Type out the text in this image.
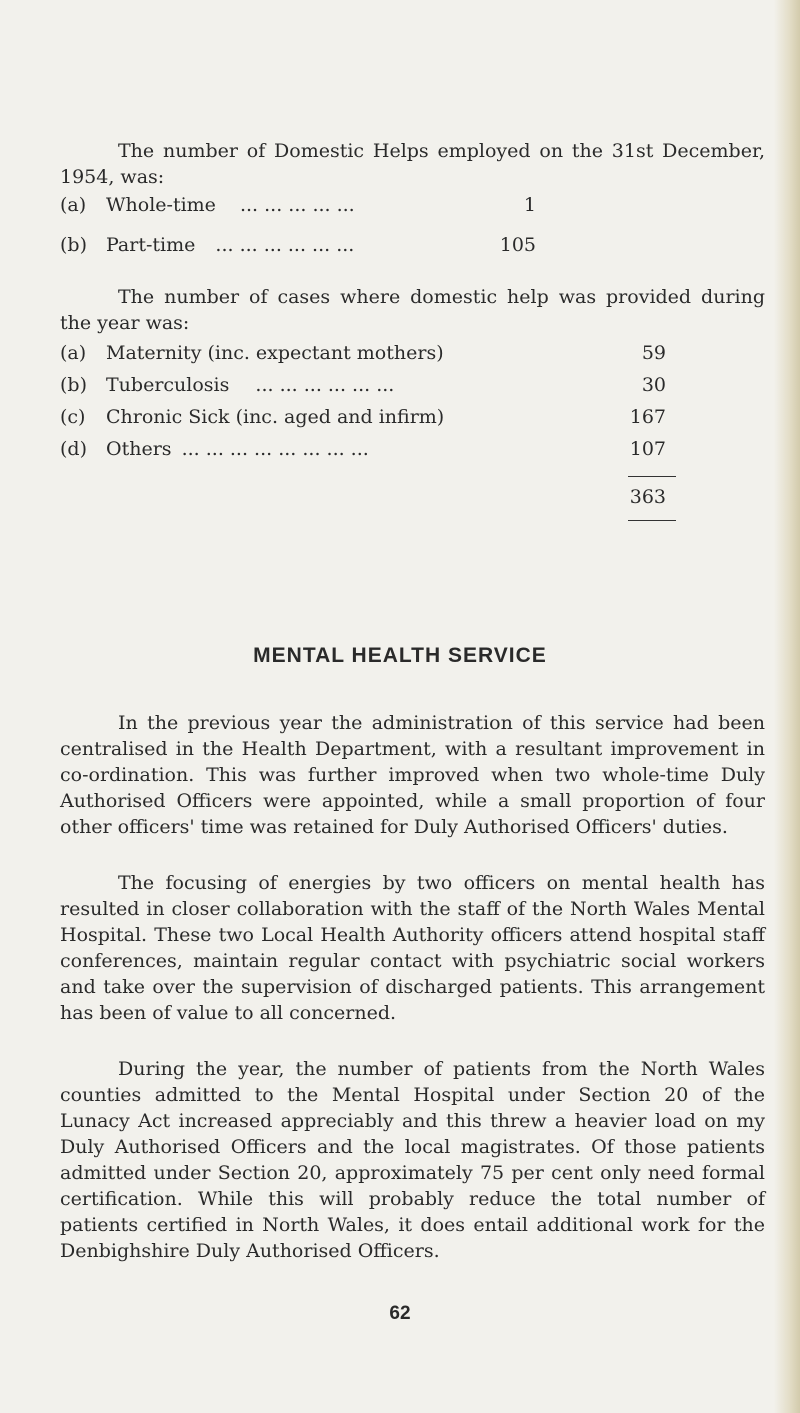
The number of Domestic Helps employed on the 31st December, 1954, was:
(a)	Whole-time ... ... ... ... ...	1
(b)	Part-time ... ... ... ... ... ...	105
The number of cases where domestic help was provided during the year was:
(a)	Maternity (inc. expectant mothers)	59
(b)	Tuberculosis ... ... ... ... ... ...	30
(c)	Chronic Sick (inc. aged and infirm)	167
(d)	Others ... ... ... ... ... ... ... ...	107
363
MENTAL HEALTH SERVICE
In the previous year the administration of this service had been centralised in the Health Department, with a resultant improvement in co-ordination. This was further improved when two whole-time Duly Authorised Officers were appointed, while a small proportion of four other officers' time was retained for Duly Authorised Officers' duties.
The focusing of energies by two officers on mental health has resulted in closer collaboration with the staff of the North Wales Mental Hospital. These two Local Health Authority officers attend hospital staff conferences, maintain regular contact with psychiatric social workers and take over the supervision of discharged patients. This arrangement has been of value to all concerned.
During the year, the number of patients from the North Wales counties admitted to the Mental Hospital under Section 20 of the Lunacy Act increased appreciably and this threw a heavier load on my Duly Authorised Officers and the local magistrates. Of those patients admitted under Section 20, approximately 75 per cent only need formal certification. While this will probably reduce the total number of patients certified in North Wales, it does entail additional work for the Denbighshire Duly Authorised Officers.
62
